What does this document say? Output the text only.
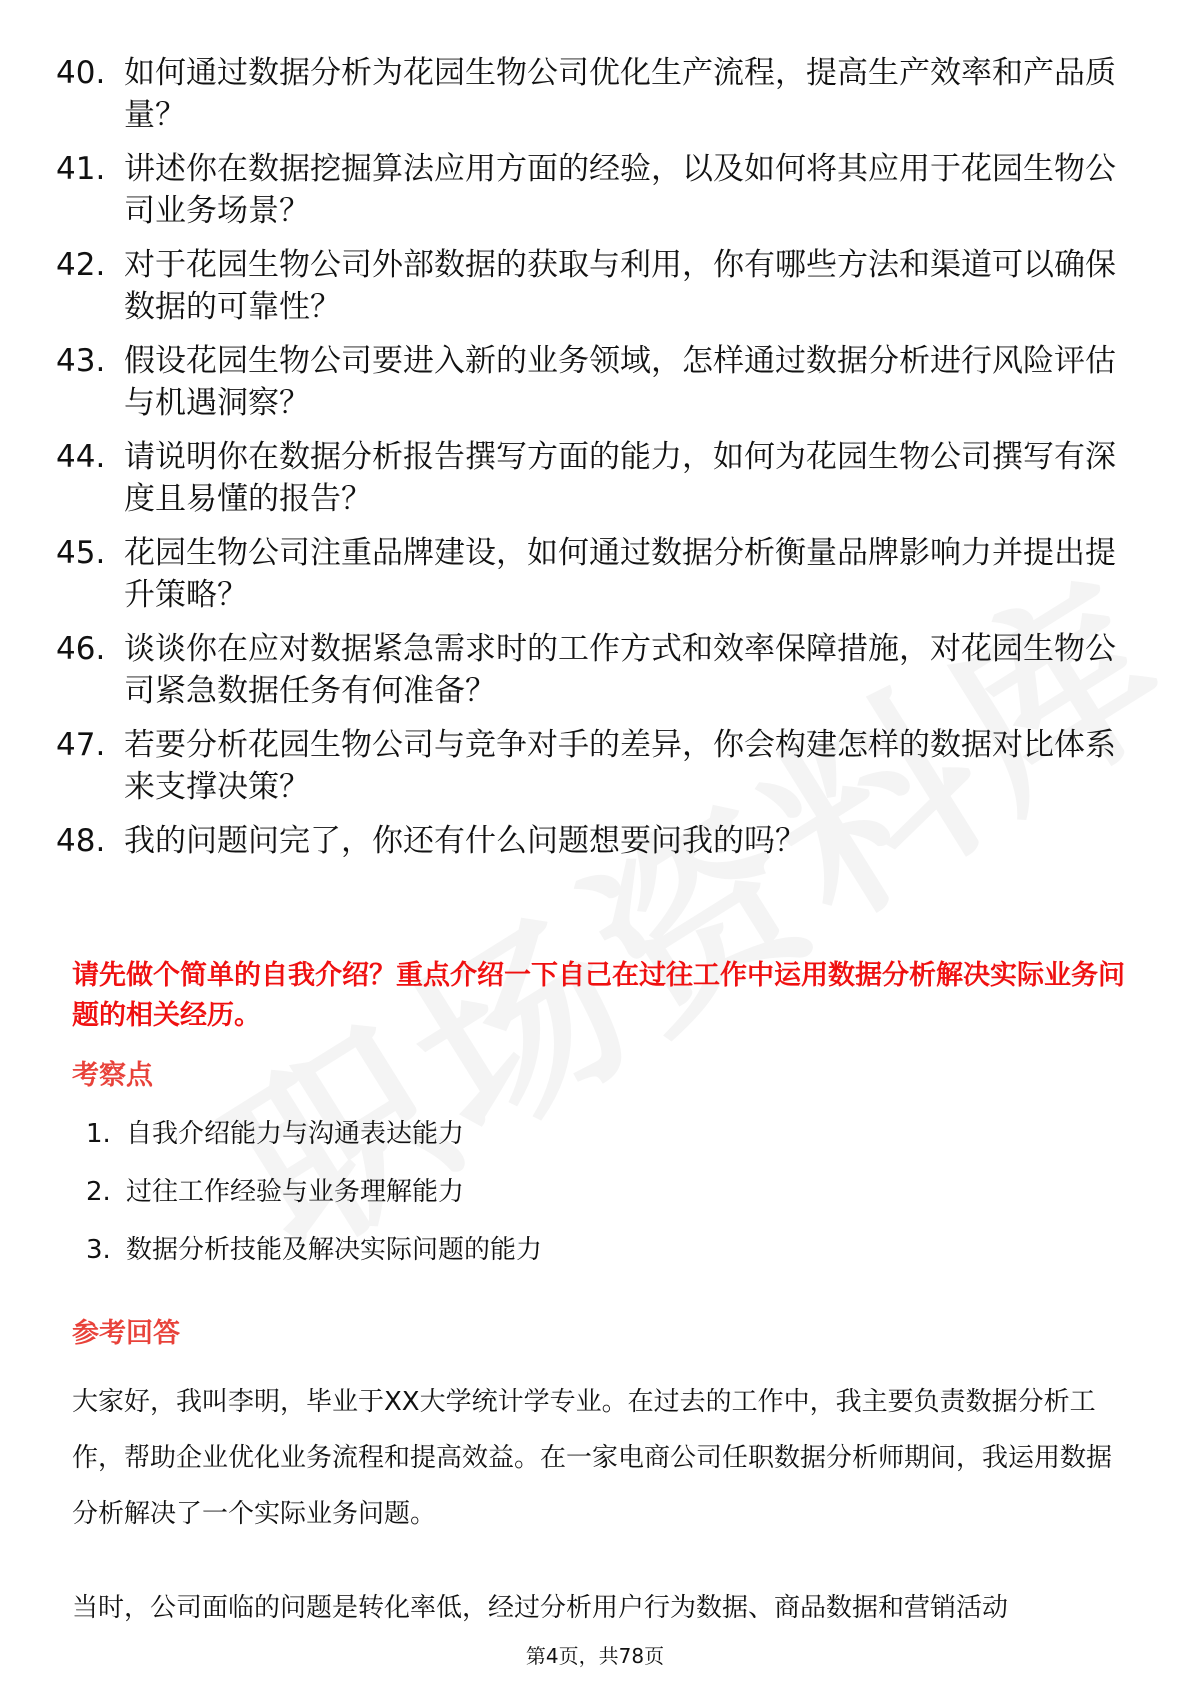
40. 如何通过数据分析为花园生物公司优化生产流程，提高生产效率和产品质量？
41. 讲述你在数据挖掘算法应用方面的经验，以及如何将其应用于花园生物公司业务场景？
42. 对于花园生物公司外部数据的获取与利用，你有哪些方法和渠道可以确保数据的可靠性？
43. 假设花园生物公司要进入新的业务领域，怎样通过数据分析进行风险评估与机遇洞察？
44. 请说明你在数据分析报告撰写方面的能力，如何为花园生物公司撰写有深度且易懂的报告？
45. 花园生物公司注重品牌建设，如何通过数据分析衡量品牌影响力并提出提升策略？
46. 谈谈你在应对数据紧急需求时的工作方式和效率保障措施，对花园生物公司紧急数据任务有何准备？
47. 若要分析花园生物公司与竞争对手的差异，你会构建怎样的数据对比体系来支撑决策？
48. 我的问题问完了，你还有什么问题想要问我的吗？
请先做个简单的自我介绍？重点介绍一下自己在过往工作中运用数据分析解决实际业务问题的相关经历。
考察点
1. 自我介绍能力与沟通表达能力
2. 过往工作经验与业务理解能力
3. 数据分析技能及解决实际问题的能力
参考回答
大家好，我叫李明，毕业于XX大学统计学专业。在过去的工作中，我主要负责数据分析工作，帮助企业优化业务流程和提高效益。在一家电商公司任职数据分析师期间，我运用数据分析解决了一个实际业务问题。
当时，公司面临的问题是转化率低，经过分析用户行为数据、商品数据和营销活动
第4页，共78页
